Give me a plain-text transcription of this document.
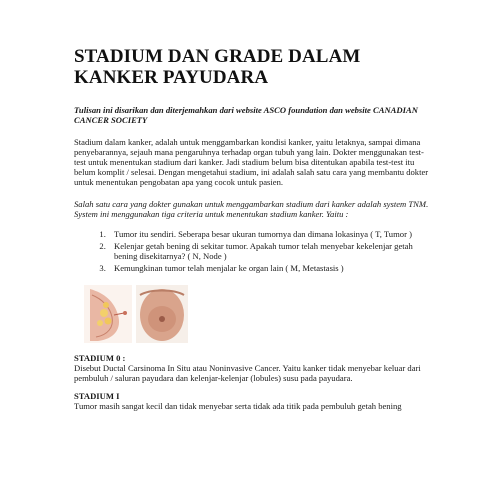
STADIUM DAN GRADE DALAM
KANKER PAYUDARA
Tulisan ini disarikan dan diterjemahkan dari website ASCO foundation dan website CANADIAN CANCER SOCIETY

Stadium dalam kanker, adalah untuk menggambarkan kondisi kanker, yaitu letaknya, sampai dimana penyebarannya, sejauh mana pengaruhnya terhadap organ tubuh yang lain. Dokter menggunakan test-test untuk menentukan stadium dari kanker. Jadi stadium belum bisa ditentukan apabila test-test itu belum komplit / selesai. Dengan mengetahui stadium, ini adalah salah satu cara yang membantu dokter untuk menentukan pengobatan apa yang cocok untuk pasien.

Salah satu cara yang dokter gunakan untuk menggambarkan stadium dari kanker adalah system TNM. System ini menggunakan tiga criteria untuk menentukan stadium kanker. Yaitu :

1. Tumor itu sendiri. Seberapa besar ukuran tumornya dan dimana lokasinya ( T, Tumor )
2. Kelenjar getah bening di sekitar tumor. Apakah tumor telah menyebar kekelenjar getah bening disekitarnya? ( N, Node )
3. Kemungkinan tumor telah menjalar ke organ lain ( M, Metastasis )
STADIUM 0 :

Disebut Ductal Carsinoma In Situ atau Noninvasive Cancer. Yaitu kanker tidak menyebar keluar dari pembuluh / saluran payudara dan kelenjar-kelenjar (lobules) susu pada payudara.

STADIUM I

Tumor masih sangat kecil dan tidak menyebar serta tidak ada titik pada pembuluh getah bening
